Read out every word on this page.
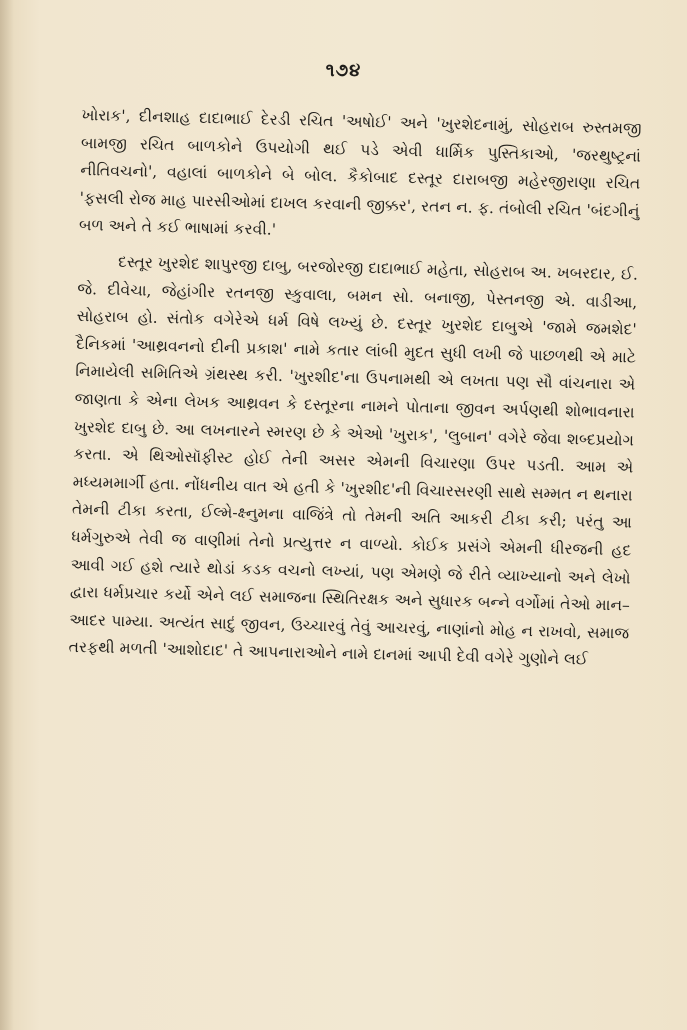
૧૭૪

ખોરાક', દીનશાહ દાદાભાઈ દેરડી રચિત 'અષોઈ' અને 'ખુરશેદનામું, સોહરાબ રુસ્તમજી બામજી રચિત બાળકોને ઉપયોગી થઈ પડે એવી ધાર્મિક પુસ્તિકાઓ, 'જરથુષ્ટ્રનાં નીતિવચનો', વહાલાં બાળકોને બે બોલ. કૈકોબાદ દસ્તૂર દારાબજી મહેરજીરાણા રચિત 'ફસલી રોજ માહ પારસીઓમાં દાખલ કરવાની જીક્કર', રતન ન. ફ. તંબોલી રચિત 'બંદગીનું બળ અને તે કઈ ભાષામાં કરવી.'

દસ્તૂર ખુરશેદ શાપુરજી દાબુ, બરજોરજી દાદાભાઈ મહેતા, સોહરાબ અ. ખબરદાર, ઈ. જે. દીવેચા, જેહાંગીર રતનજી સ્કુવાલા, બમન સો. બનાજી, પેસ્તનજી એ. વાડીઆ, સોહરાબ હો. સંતોક વગેરેએ ધર્મ વિષે લખ્યું છે. દસ્તૂર ખુરશેદ દાબુએ 'જામે જમશેદ' દૈનિકમાં 'આથ્રવનનો દીની પ્રકાશ' નામે કતાર લાંબી મુદત સુધી લખી જે પાછળથી એ માટે નિમાયેલી સમિતિએ ગ્રંથસ્થ કરી. 'ખુરશીદ'ના ઉપનામથી એ લખતા પણ સૌ વાંચનારા એ જાણતા કે એના લેખક આથ્રવન કે દસ્તૂરના નામને પોતાના જીવન અર્પણથી શોભાવનારા ખુરશેદ દાબુ છે. આ લખનારને સ્મરણ છે કે એઓ 'ખુરાક', 'લુબાન' વગેરે જેવા શબ્દપ્રયોગ કરતા. એ થિઓસૉફીસ્ટ હોઈ તેની અસર એમની વિચારણા ઉપર પડતી. આમ એ મધ્યમમાર્ગી હતા. નોંધનીય વાત એ હતી કે 'ખુરશીદ'ની વિચારસરણી સાથે સમ્મત ન થનારા તેમની ટીકા કરતા, ઈલ્મે-ક્ષ્નુમના વાજિંત્રે તો તેમની અતિ આકરી ટીકા કરી; પરંતુ આ ધર્મગુરુએ તેવી જ વાણીમાં તેનો પ્રત્યુત્તર ન વાળ્યો. કોઈક પ્રસંગે એમની ધીરજની હદ આવી ગઈ હશે ત્યારે થોડાં કડક વચનો લખ્યાં, પણ એમણે જે રીતે વ્યાખ્યાનો અને લેખો દ્વારા ધર્મપ્રચાર કર્યો એને લઈ સમાજના સ્થિતિરક્ષક અને સુધારક બન્ને વર્ગોમાં તેઓ માન–આદર પામ્યા. અત્યંત સાદું જીવન, ઉચ્ચારવું તેવું આચરવું, નાણાંનો મોહ ન રાખવો, સમાજ તરફથી મળતી 'આશોદાદ' તે આપનારાઓને નામે દાનમાં આપી દેવી વગેરે ગુણોને લઈ
